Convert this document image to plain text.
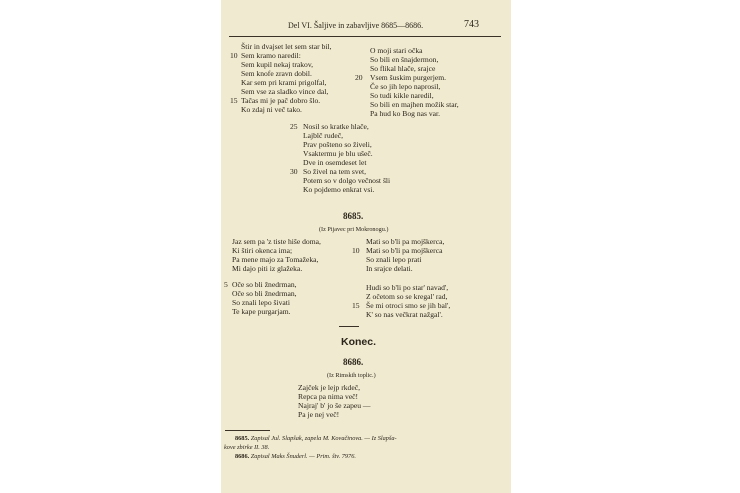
Del VI. Šaljive in zabavljive 8685—8686.	743
Štir in dvajset let sem star bil,
Sem kramo naredil:
Sem kupil nekaj trakov,
Sem knofe zravn dobil.
Kar sem pri krami prigolfal,
Sem vse za sladko vince dal,
Tačas mi je pač dobro šlo.
Ko zdaj ni več tako.
10
15
O moji stari očka
So bili en šnajdermon,
So flikal hlače, srajce
Vsem šuskim purgerjem.
Če so jih lepo naprosil,
So tudi kikle naredil,
So bili en majhen možik star,
Pa hud ko Bog nas var.
20
Nosil so kratke hlače,
Lajblč rudeč,
Prav pošteno so živeli,
Vsaktermu je blu ušeč.
Dve in osemdeset let
So živel na tem svet,
Potem so v dolgo večnost šli
Ko pojdemo enkrat vsi.
25
30
8685.
(Iz Pijavec pri Mokronogu.)
Jaz sem pa 'z tiste hiše doma,
Ki štiri okenca ima;
Pa mene majo za Tomažeka,
Mi dajo piti iz glažeka.
Oče so bli žnedrman,
Oče so bli žnedrman,
So znali lepo šivati
Te kape purgarjam.
5
Mati so b'li pa mojškerca,
Mati so b'li pa mojškerca
So znali lepo prati
In srajce delati.
Hudi so b'li po star' navad',
Z očetom so se kregal' rad,
Še mi otroci smo se jih bal',
K' so nas večkrat nažgal'.
10
15
Konec.
8686.
(Iz Rimskih toplic.)
Zajček je lejp rkdeč,
Repca pa nima več!
Najraj' b' jo še zapeu —
Pa je nej več!
8685. Zapisal Jul. Slapšak, zapela M. Kovačinova. — Iz Slapša-
kove zbirke II. 38.
8686. Zapisal Maks Šnuderl. — Prim. štv. 7976.
